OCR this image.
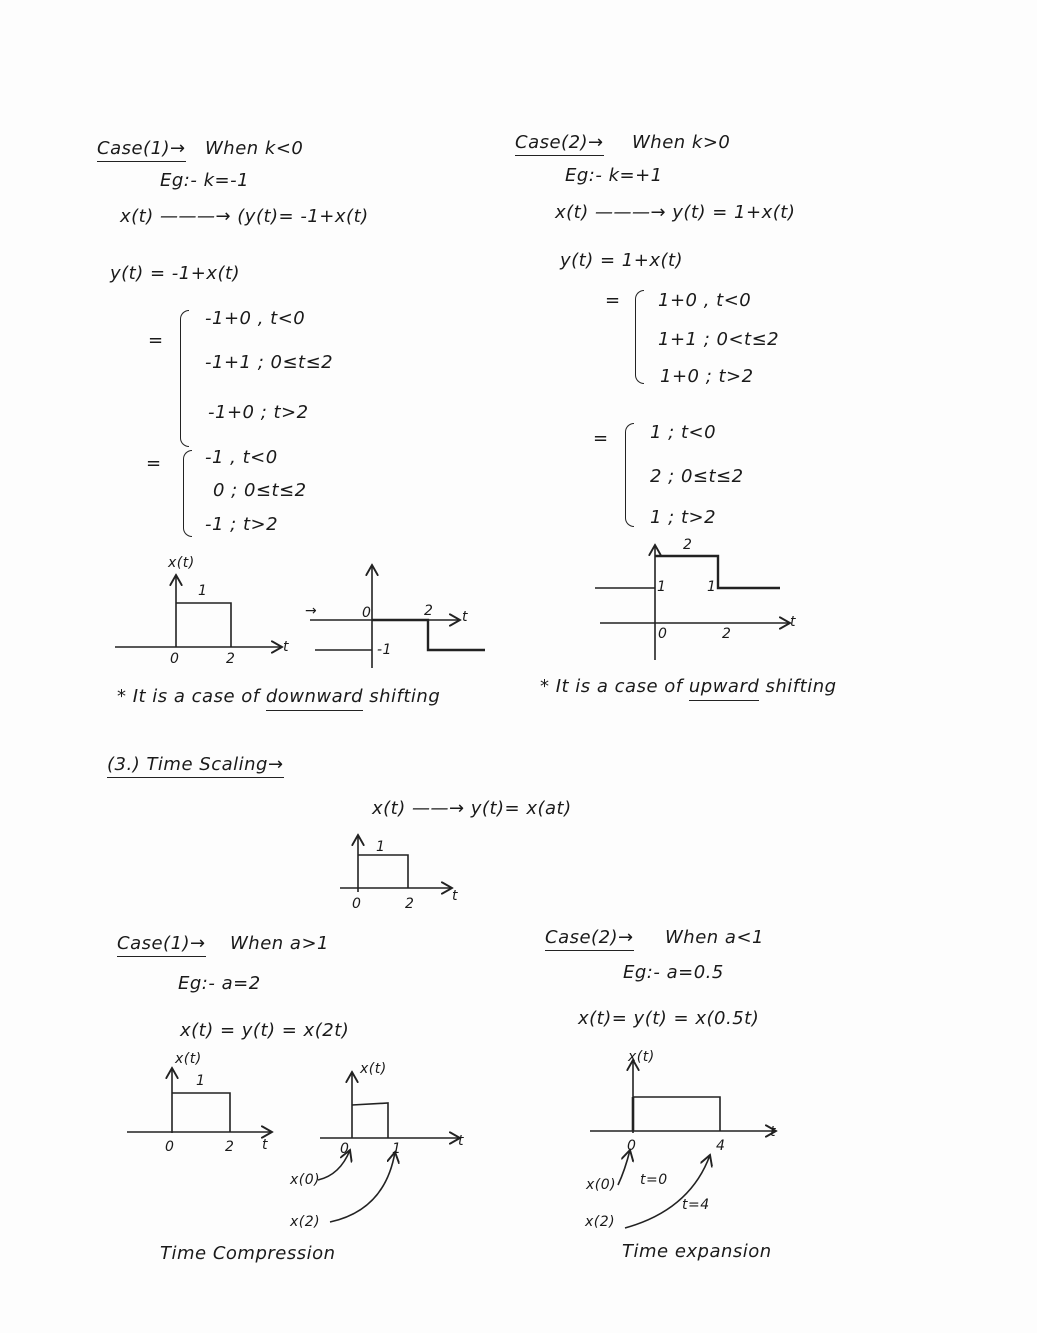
Case(1)→ When k<0
Eg:- k=-1
x(t) ———→ (y(t)= -1+x(t)
y(t) = -1+x(t)
=
-1+0 , t<0
-1+1 ; 0≤t≤2
-1+0 ; t>2
= -1 , t<0
0 ; 0≤t≤2
-1 ; t>2
Case(2)→ When k>0
Eg:- k=+1
x(t) ———→ y(t) = 1+x(t)
y(t) = 1+x(t)
= 1+0 , t<0
1+1 ; 0<t≤2
1+0 ; t>2
= 1 ; t<0
2 ; 0≤t≤2
1 ; t>2
x(t)
1
0	2
t
→	0	2 t
-1
2
1	1
0	2
t
* It is a case of downward shifting	* It is a case of upward shifting
(3.) Time Scaling→
x(t) ——→ y(t)= x(at)
1
0	2	t
Case(1)→ When a>1
Eg:- a=2
x(t) = y(t) = x(2t)
x(t)
1
0	2 t
x(t)
0	1	t
x(0)
x(2)
Time Compression
Case(2)→ When a<1
Eg:- a=0.5
x(t)= y(t) = x(0.5t)
x(t)
0	4
t
x(0) t=0
x(2)
t=4
Time expansion
